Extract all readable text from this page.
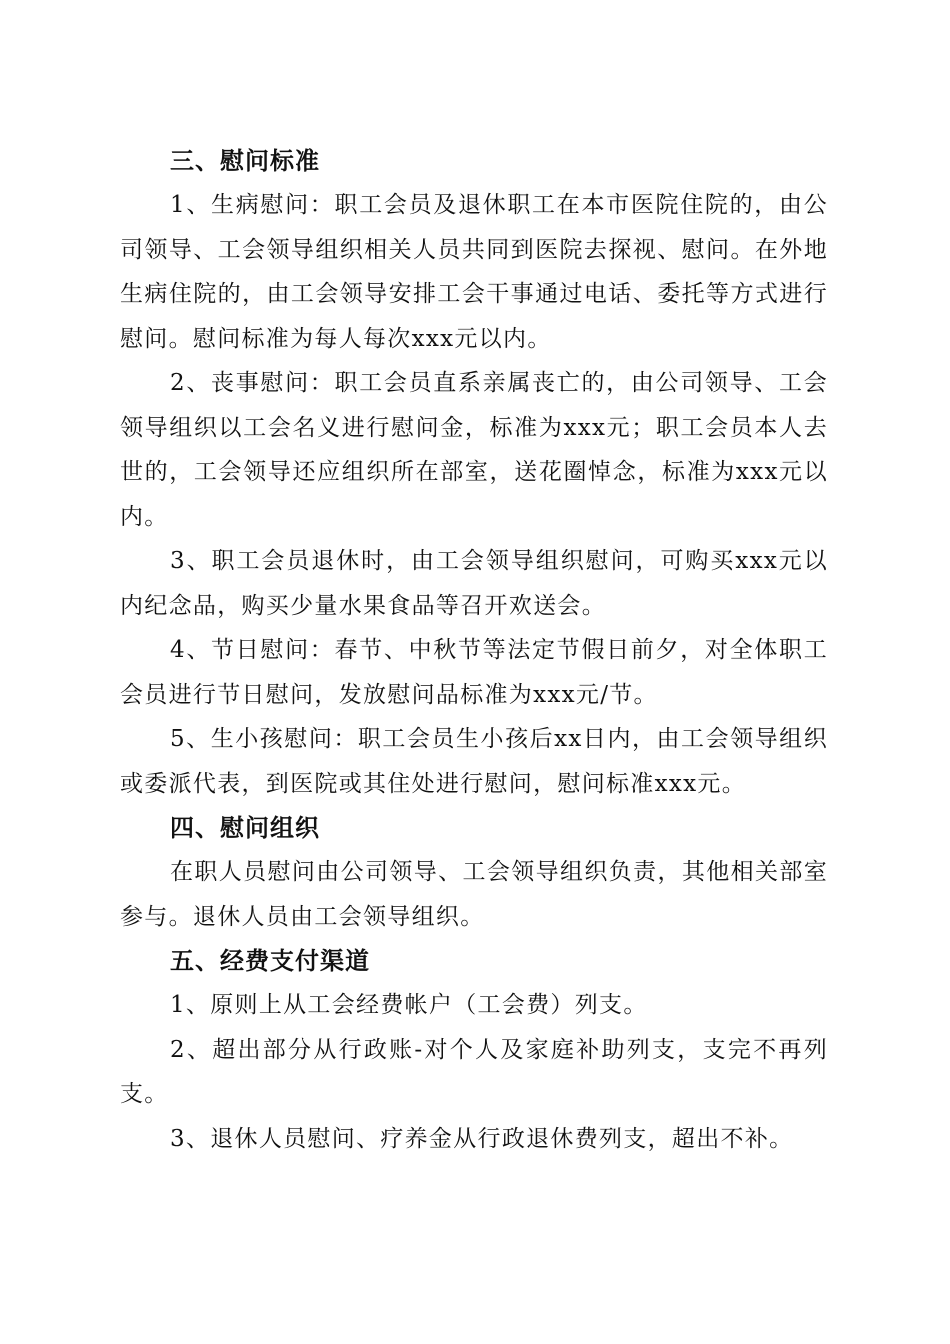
三、慰问标准

1、生病慰问：职工会员及退休职工在本市医院住院的，由公司领导、工会领导组织相关人员共同到医院去探视、慰问。在外地生病住院的，由工会领导安排工会干事通过电话、委托等方式进行慰问。慰问标准为每人每次xxx元以内。

2、丧事慰问：职工会员直系亲属丧亡的，由公司领导、工会领导组织以工会名义进行慰问金，标准为xxx元；职工会员本人去世的，工会领导还应组织所在部室，送花圈悼念，标准为xxx元以内。

3、职工会员退休时，由工会领导组织慰问，可购买xxx元以内纪念品，购买少量水果食品等召开欢送会。

4、节日慰问：春节、中秋节等法定节假日前夕，对全体职工会员进行节日慰问，发放慰问品标准为xxx元/节。

5、生小孩慰问：职工会员生小孩后xx日内，由工会领导组织或委派代表，到医院或其住处进行慰问，慰问标准xxx元。

四、慰问组织

在职人员慰问由公司领导、工会领导组织负责，其他相关部室参与。退休人员由工会领导组织。

五、经费支付渠道

1、原则上从工会经费帐户（工会费）列支。

2、超出部分从行政账-对个人及家庭补助列支，支完不再列支。

3、退休人员慰问、疗养金从行政退休费列支，超出不补。
